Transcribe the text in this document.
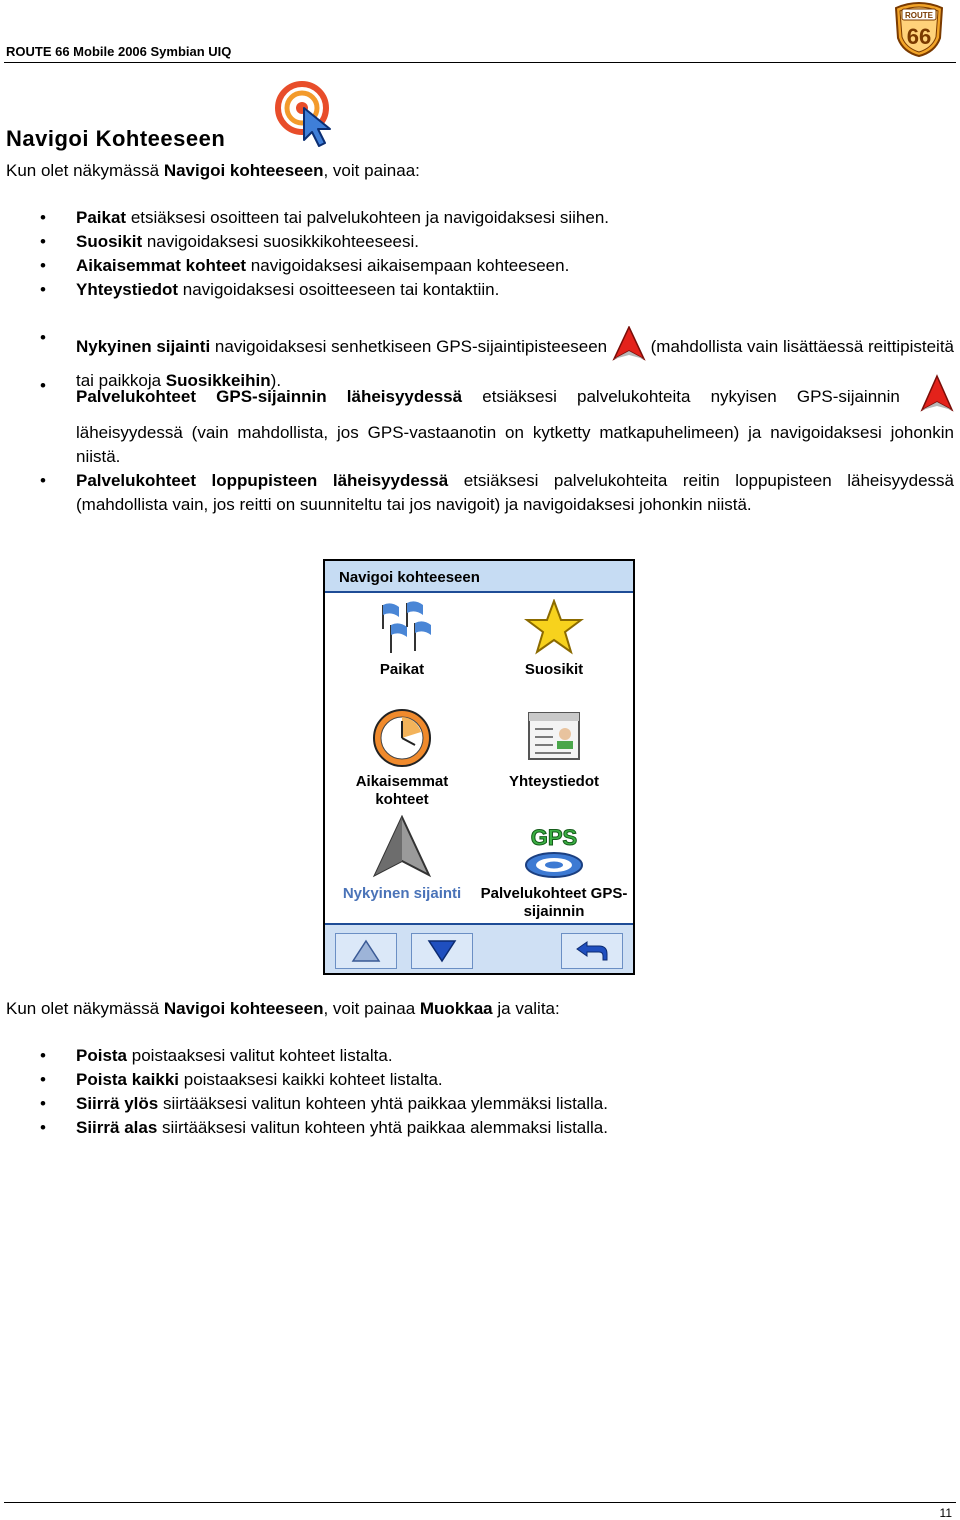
ROUTE 66 Mobile 2006 Symbian UIQ
ROUTE
66
Navigoi Kohteeseen
Kun olet näkymässä Navigoi kohteeseen, voit painaa:
• Paikat etsiäksesi osoitteen tai palvelukohteen ja navigoidaksesi siihen.
• Suosikit navigoidaksesi suosikkikohteeseesi.
• Aikaisemmat kohteet navigoidaksesi aikaisempaan kohteeseen.
• Yhteystiedot navigoidaksesi osoitteeseen tai kontaktiin.
• Nykyinen sijainti navigoidaksesi senhetkiseen GPS-sijaintipisteeseen  (mahdollista vain lisättäessä reittipisteitä tai paikkoja Suosikkeihin).
• Palvelukohteet GPS-sijainnin läheisyydessä etsiäksesi palvelukohteita nykyisen GPS-sijainnin  läheisyydessä (vain mahdollista, jos GPS-vastaanotin on kytketty matkapuhelimeen) ja navigoidaksesi johonkin niistä.
• Palvelukohteet loppupisteen läheisyydessä etsiäksesi palvelukohteita reitin loppupisteen läheisyydessä (mahdollista vain, jos reitti on suunniteltu tai jos navigoit) ja navigoidaksesi johonkin niistä.
Navigoi kohteeseen
Paikat	Suosikit
Aikaisemmat kohteet
Yhteystiedot
Nykyinen sijainti
GPS
Palvelukohteet GPS-sijainnin
Kun olet näkymässä Navigoi kohteeseen, voit painaa Muokkaa ja valita:
• Poista poistaaksesi valitut kohteet listalta.
• Poista kaikki poistaaksesi kaikki kohteet listalta.
• Siirrä ylös siirtääksesi valitun kohteen yhtä paikkaa ylemmäksi listalla.
• Siirrä alas siirtääksesi valitun kohteen yhtä paikkaa alemmaksi listalla.
11
